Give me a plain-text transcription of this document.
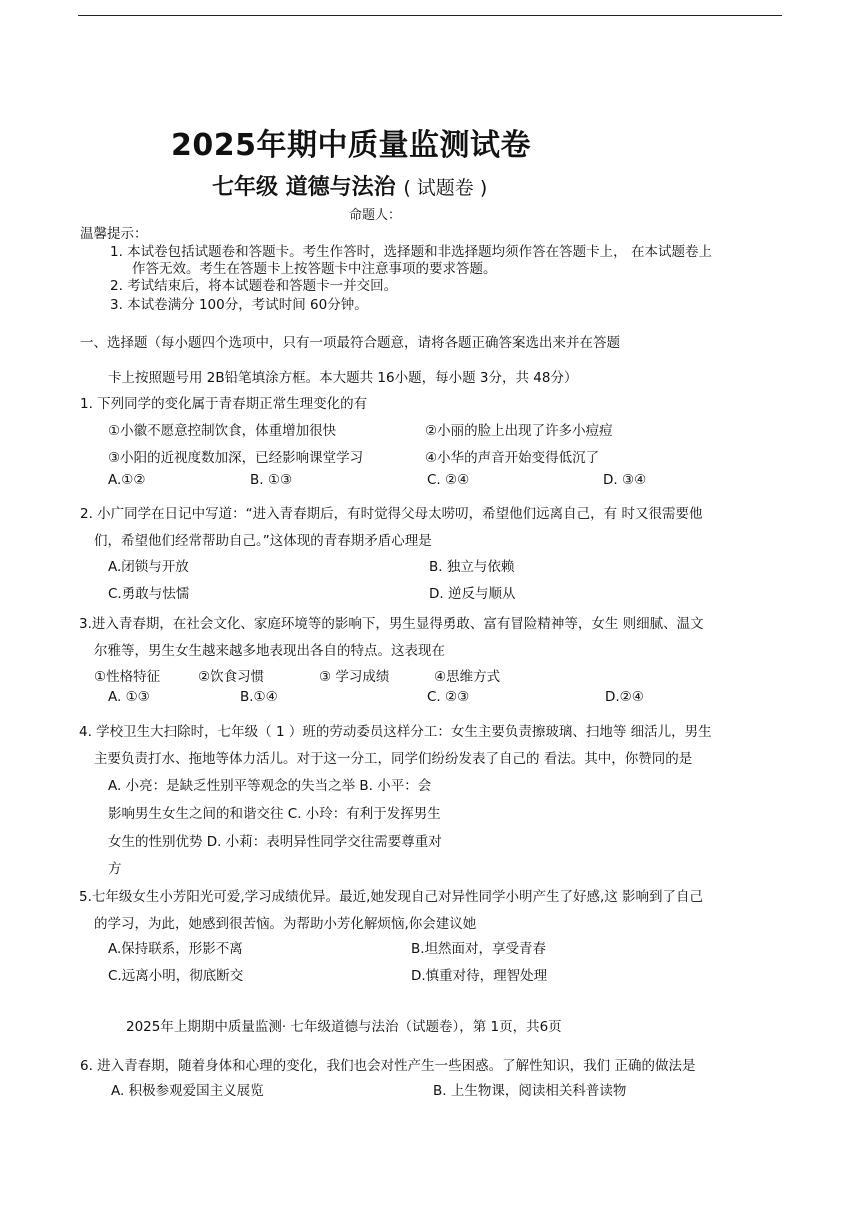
2025年期中质量监测试卷
七年级 道德与法治 ( 试题卷 )
命题人：
温馨提示：
1. 本试卷包括试题卷和答题卡。考生作答时，选择题和非选择题均须作答在答题卡上， 在本试题卷上
作答无效。考生在答题卡上按答题卡中注意事项的要求答题。
2. 考试结束后，将本试题卷和答题卡一并交回。
3. 本试卷满分 100分，考试时间 60分钟。
一、选择题（每小题四个选项中，只有一项最符合题意，请将各题正确答案选出来并在答题
卡上按照题号用 2B铅笔填涂方框。本大题共 16小题，每小题 3分，共 48分）
1. 下列同学的变化属于青春期正常生理变化的有
①小徽不愿意控制饮食，体重增加很快	②小丽的脸上出现了许多小痘痘
③小阳的近视度数加深，已经影响课堂学习	④小华的声音开始变得低沉了
A.①②	B. ①③	C. ②④	D. ③④
2. 小广同学在日记中写道：“进入青春期后，有时觉得父母太唠叨，希望他们远离自己，有 时又很需要他
们，希望他们经常帮助自己。”这体现的青春期矛盾心理是
A.闭锁与开放	B. 独立与依赖
C.勇敢与怯懦	D. 逆反与顺从
3.进入青春期，在社会文化、家庭环境等的影响下，男生显得勇敢、富有冒险精神等，女生 则细腻、温文
尔雅等，男生女生越来越多地表现出各自的特点。这表现在
①性格特征	②饮食习惯	③ 学习成绩	④思维方式
A. ①③	B.①④	C. ②③	D.②④
4. 学校卫生大扫除时，七年级（ 1 ）班的劳动委员这样分工：女生主要负责擦玻璃、扫地等 细活儿，男生
主要负责打水、拖地等体力活儿。对于这一分工，同学们纷纷发表了自己的 看法。其中，你赞同的是
A. 小亮：是缺乏性别平等观念的失当之举 B. 小平：会
影响男生女生之间的和谐交往 C. 小玲：有利于发挥男生
女生的性别优势 D. 小莉：表明异性同学交往需要尊重对
方
5.七年级女生小芳阳光可爱,学习成绩优异。最近,她发现自己对异性同学小明产生了好感,这 影响到了自己
的学习，为此，她感到很苦恼。为帮助小芳化解烦恼,你会建议她
A.保持联系，形影不离	B.坦然面对，享受青春
C.远离小明，彻底断交	D.慎重对待，理智处理
2025年上期期中质量监测· 七年级道德与法治（试题卷），第 1页，共6页
6. 进入青春期，随着身体和心理的变化，我们也会对性产生一些困惑。了解性知识，我们 正确的做法是
A. 积极参观爱国主义展览	B. 上生物课，阅读相关科普读物
